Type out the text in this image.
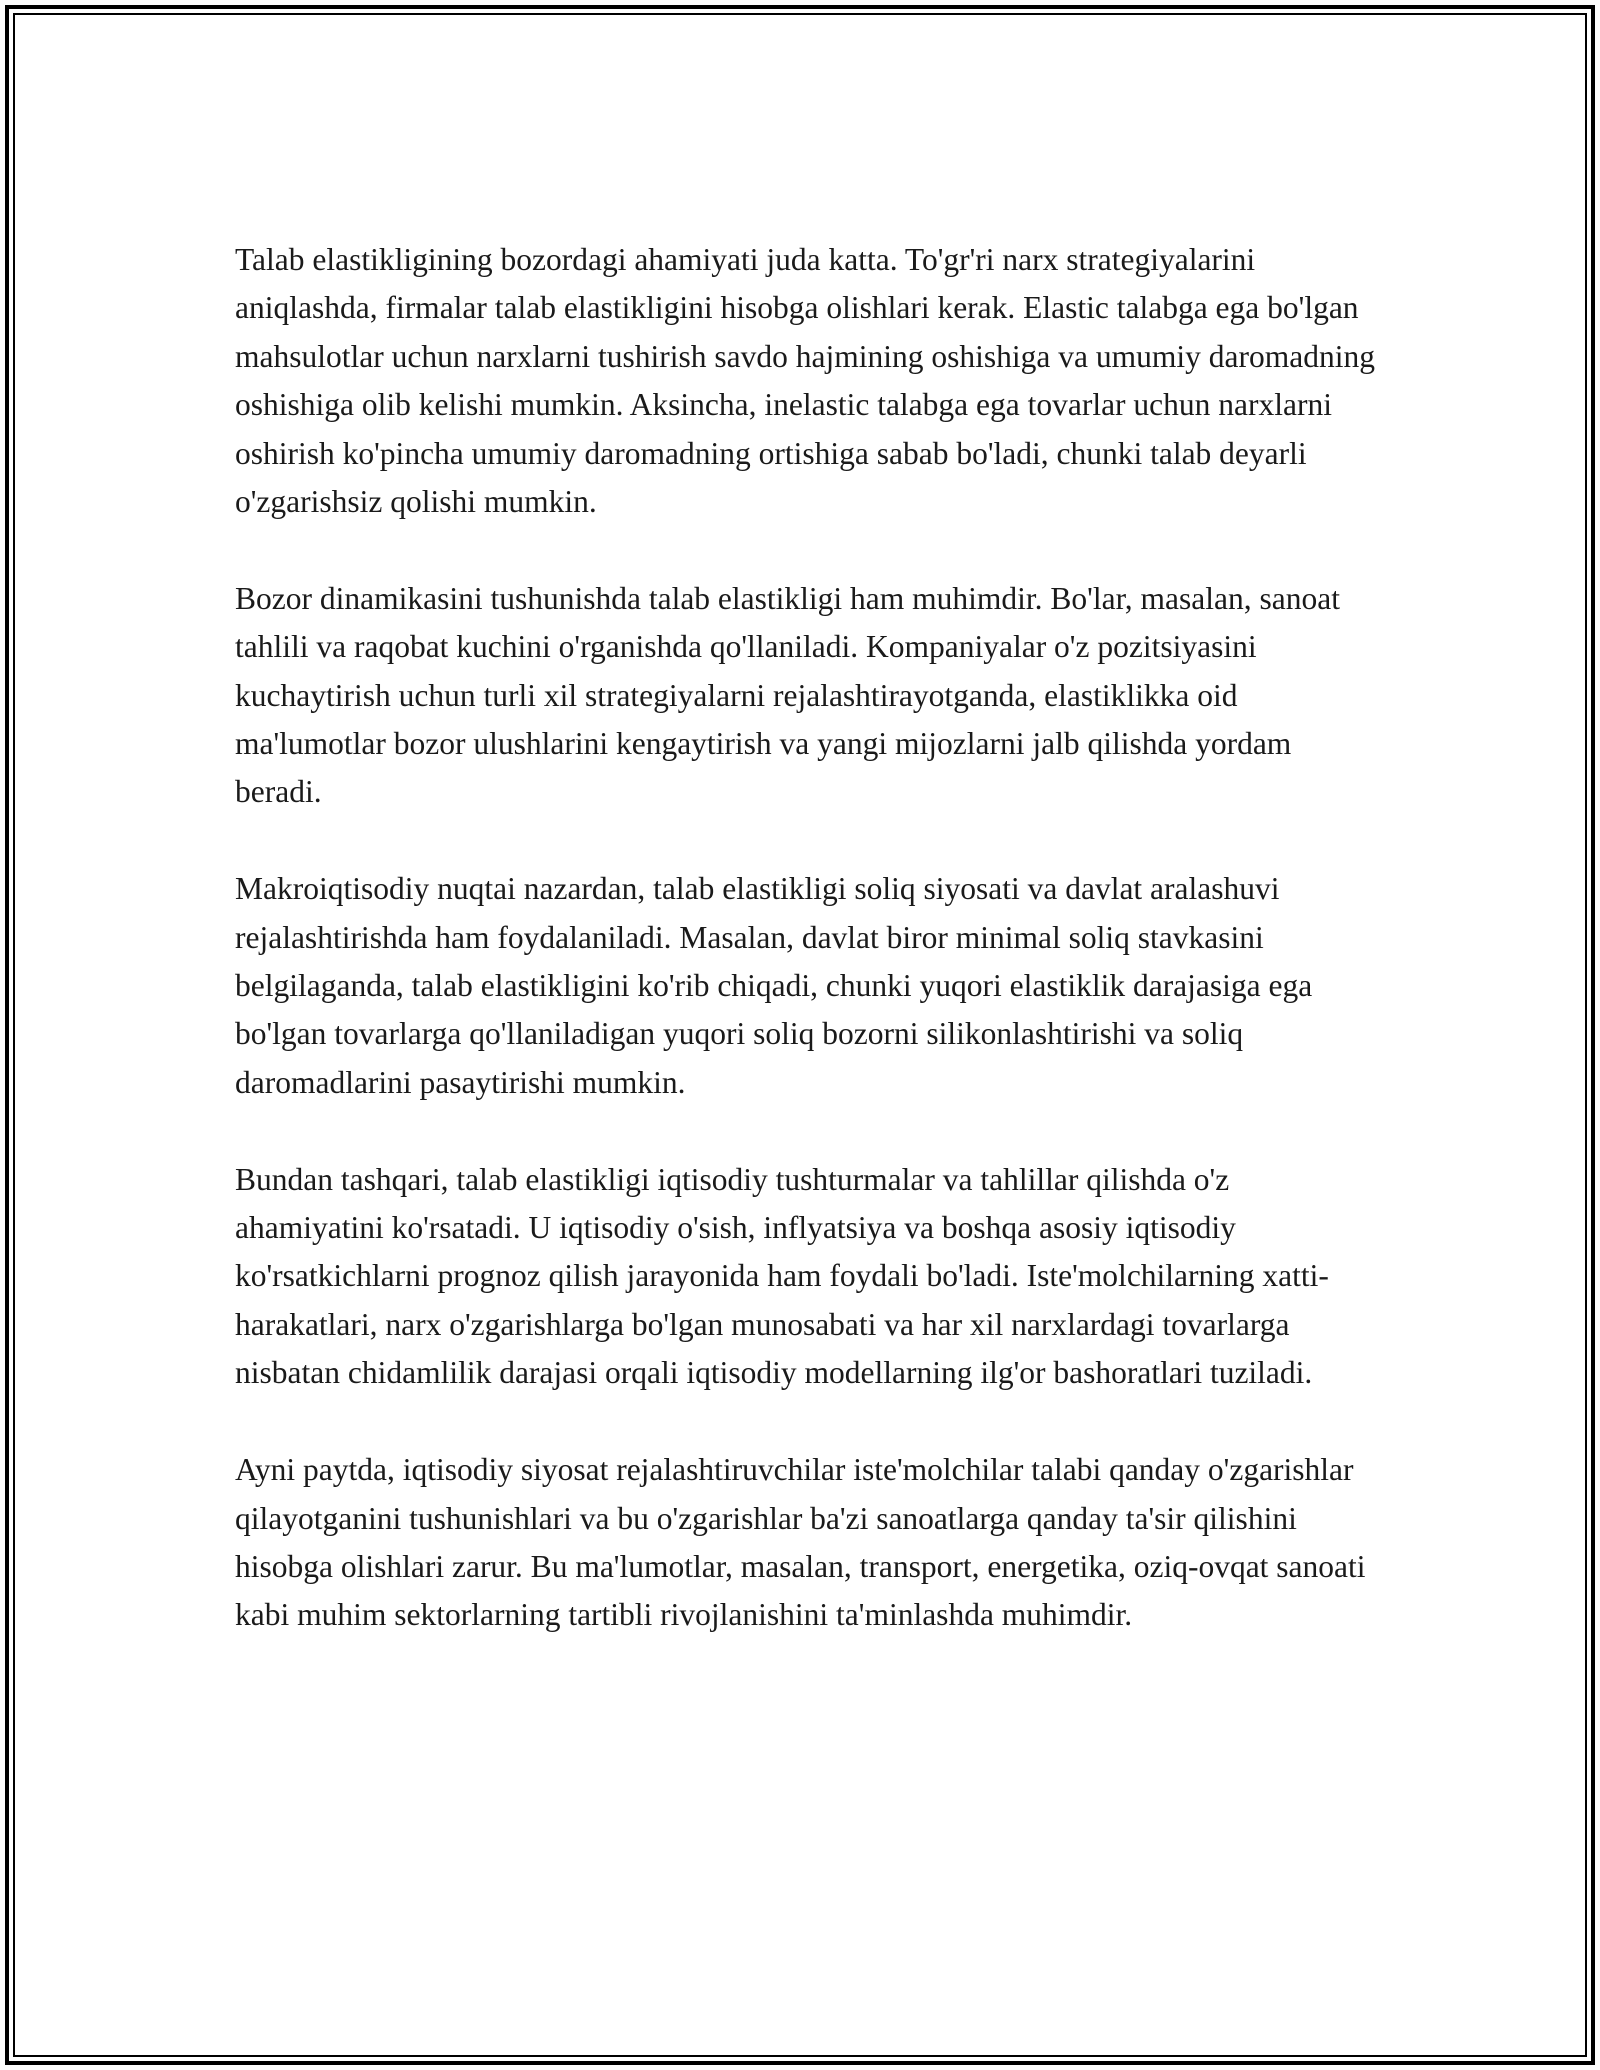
Talab elastikligining bozordagi ahamiyati juda katta. To'gr'ri narx strategiyalarini aniqlashda, firmalar talab elastikligini hisobga olishlari kerak. Elastic talabga ega bo'lgan mahsulotlar uchun narxlarni tushirish savdo hajmining oshishiga va umumiy daromadning oshishiga olib kelishi mumkin. Aksincha, inelastic talabga ega tovarlar uchun narxlarni oshirish ko'pincha umumiy daromadning ortishiga sabab bo'ladi, chunki talab deyarli o'zgarishsiz qolishi mumkin.

Bozor dinamikasini tushunishda talab elastikligi ham muhimdir. Bo'lar, masalan, sanoat tahlili va raqobat kuchini o'rganishda qo'llaniladi. Kompaniyalar o'z pozitsiyasini kuchaytirish uchun turli xil strategiyalarni rejalashtirayotganda, elastiklikka oid ma'lumotlar bozor ulushlarini kengaytirish va yangi mijozlarni jalb qilishda yordam beradi.

Makroiqtisodiy nuqtai nazardan, talab elastikligi soliq siyosati va davlat aralashuvi rejalashtirishda ham foydalaniladi. Masalan, davlat biror minimal soliq stavkasini belgilaganda, talab elastikligini ko'rib chiqadi, chunki yuqori elastiklik darajasiga ega bo'lgan tovarlarga qo'llaniladigan yuqori soliq bozorni silikonlashtirishi va soliq daromadlarini pasaytirishi mumkin.

Bundan tashqari, talab elastikligi iqtisodiy tushturmalar va tahlillar qilishda o'z ahamiyatini ko'rsatadi. U iqtisodiy o'sish, inflyatsiya va boshqa asosiy iqtisodiy ko'rsatkichlarni prognoz qilish jarayonida ham foydali bo'ladi. Iste'molchilarning xatti-harakatlari, narx o'zgarishlarga bo'lgan munosabati va har xil narxlardagi tovarlarga nisbatan chidamlilik darajasi orqali iqtisodiy modellarning ilg'or bashoratlari tuziladi.

Ayni paytda, iqtisodiy siyosat rejalashtiruvchilar iste'molchilar talabi qanday o'zgarishlar qilayotganini tushunishlari va bu o'zgarishlar ba'zi sanoatlarga qanday ta'sir qilishini hisobga olishlari zarur. Bu ma'lumotlar, masalan, transport, energetika, oziq-ovqat sanoati kabi muhim sektorlarning tartibli rivojlanishini ta'minlashda muhimdir.
